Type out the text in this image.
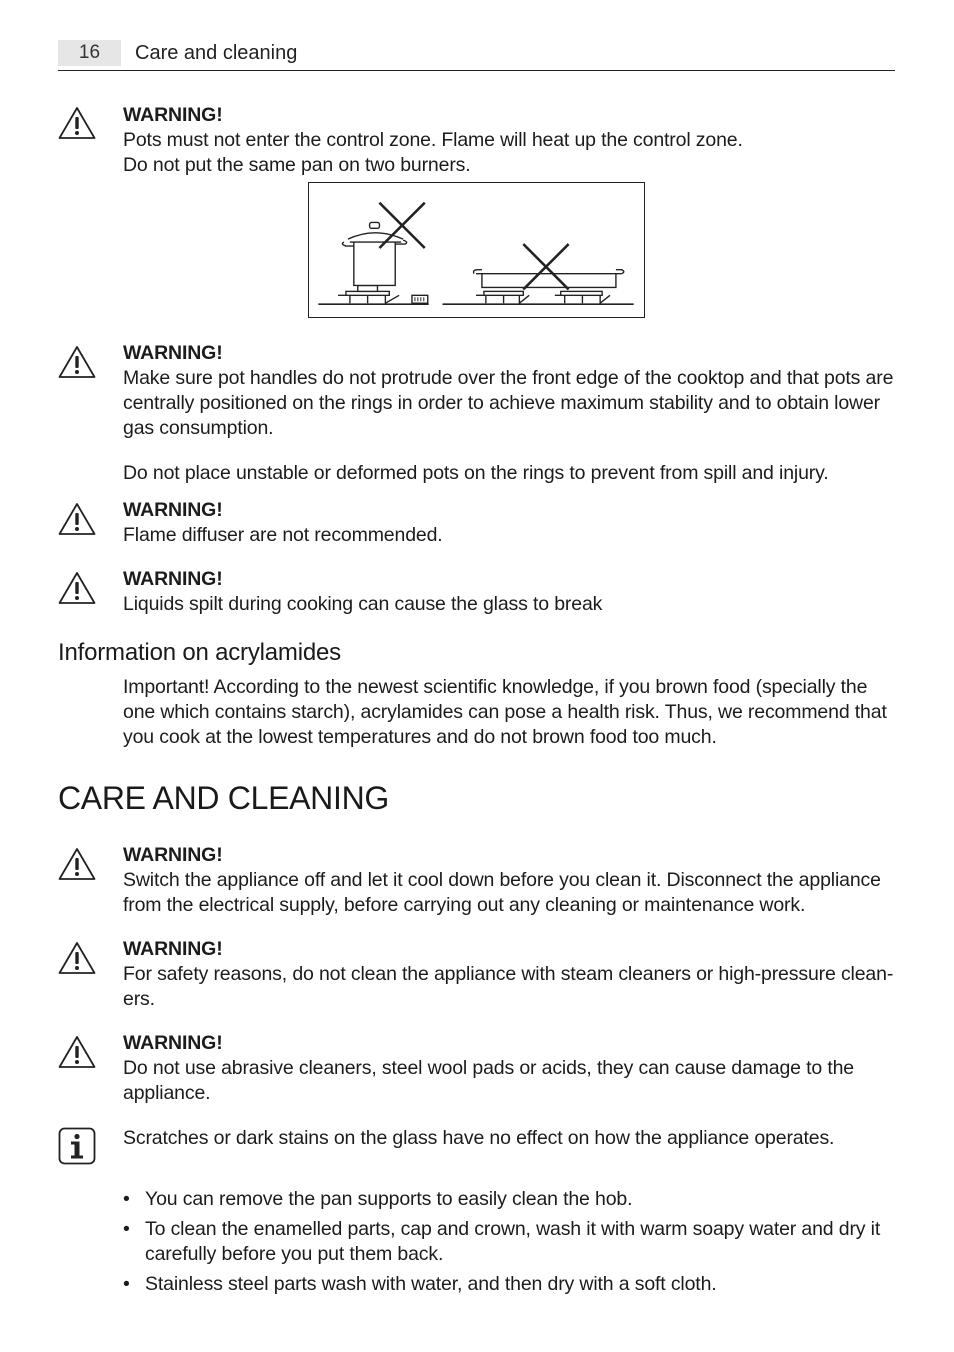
16	Care and cleaning
WARNING!

Pots must not enter the control zone. Flame will heat up the control zone.

Do not put the same pan on two burners.

WARNING!

Make sure pot handles do not protrude over the front edge of the cooktop and that pots are centrally positioned on the rings in order to achieve maximum stability and to obtain lower gas consumption.

Do not place unstable or deformed pots on the rings to prevent from spill and injury.

WARNING!

Flame diffuser are not recommended.

WARNING!

Liquids spilt during cooking can cause the glass to break

Information on acrylamides

Important! According to the newest scientific knowledge, if you brown food (specially the one which contains starch), acrylamides can pose a health risk. Thus, we recommend that you cook at the lowest temperatures and do not brown food too much.

CARE AND CLEANING
WARNING!

Switch the appliance off and let it cool down before you clean it. Disconnect the appliance from the electrical supply, before carrying out any cleaning or maintenance work.

WARNING!

For safety reasons, do not clean the appliance with steam cleaners or high-pressure cleaners.

WARNING!

Do not use abrasive cleaners, steel wool pads or acids, they can cause damage to the appliance.

Scratches or dark stains on the glass have no effect on how the appliance operates.

• You can remove the pan supports to easily clean the hob.
• To clean the enamelled parts, cap and crown, wash it with warm soapy water and dry it carefully before you put them back.
• Stainless steel parts wash with water, and then dry with a soft cloth.
